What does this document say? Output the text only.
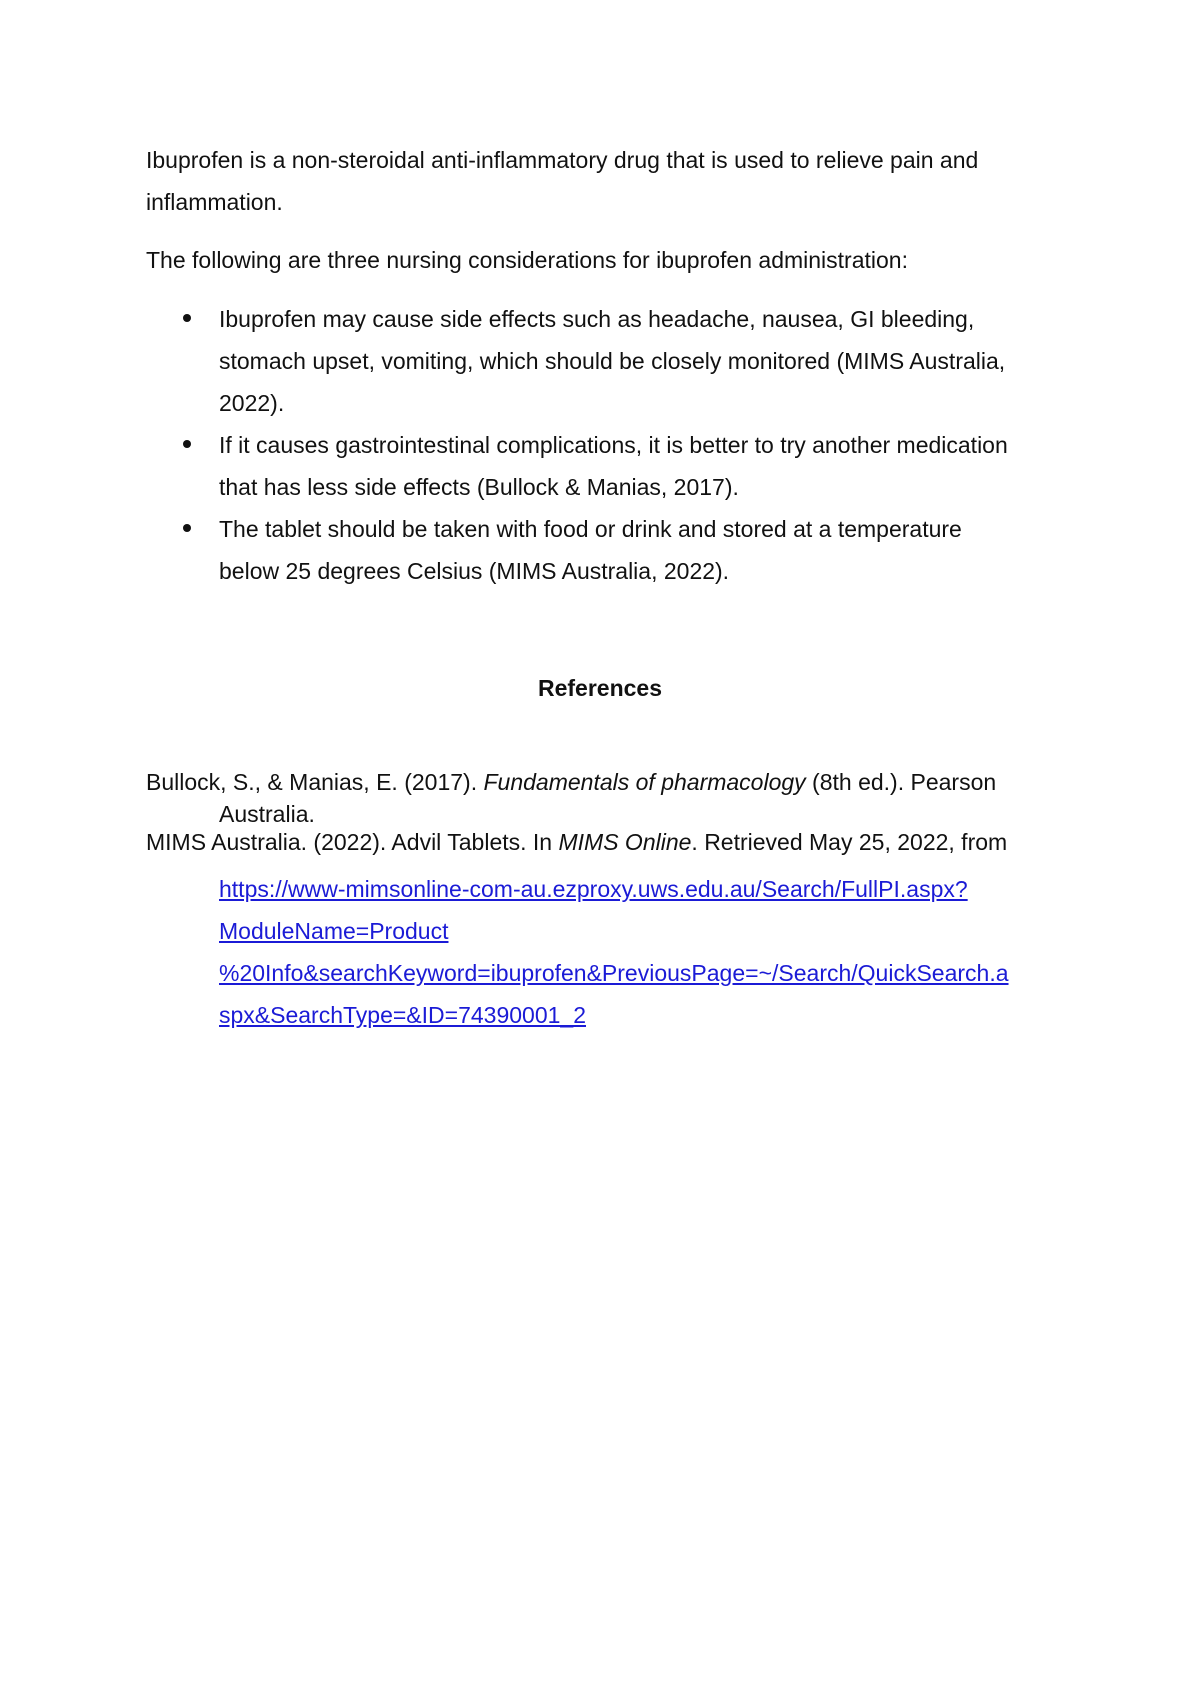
Ibuprofen is a non-steroidal anti-inflammatory drug that is used to relieve pain and
inflammation.
The following are three nursing considerations for ibuprofen administration:
Ibuprofen may cause side effects such as headache, nausea, GI bleeding,
stomach upset, vomiting, which should be closely monitored (MIMS Australia,
2022).
If it causes gastrointestinal complications, it is better to try another medication
that has less side effects (Bullock & Manias, 2017).
The tablet should be taken with food or drink and stored at a temperature
below 25 degrees Celsius (MIMS Australia, 2022).
References
Bullock, S., & Manias, E. (2017). Fundamentals of pharmacology (8th ed.). Pearson
Australia.
MIMS Australia. (2022). Advil Tablets. In MIMS Online. Retrieved May 25, 2022, from
https://www-mimsonline-com-au.ezproxy.uws.edu.au/Search/FullPI.aspx?
ModuleName=Product
%20Info&searchKeyword=ibuprofen&PreviousPage=~/Search/QuickSearch.a
spx&SearchType=&ID=74390001_2
